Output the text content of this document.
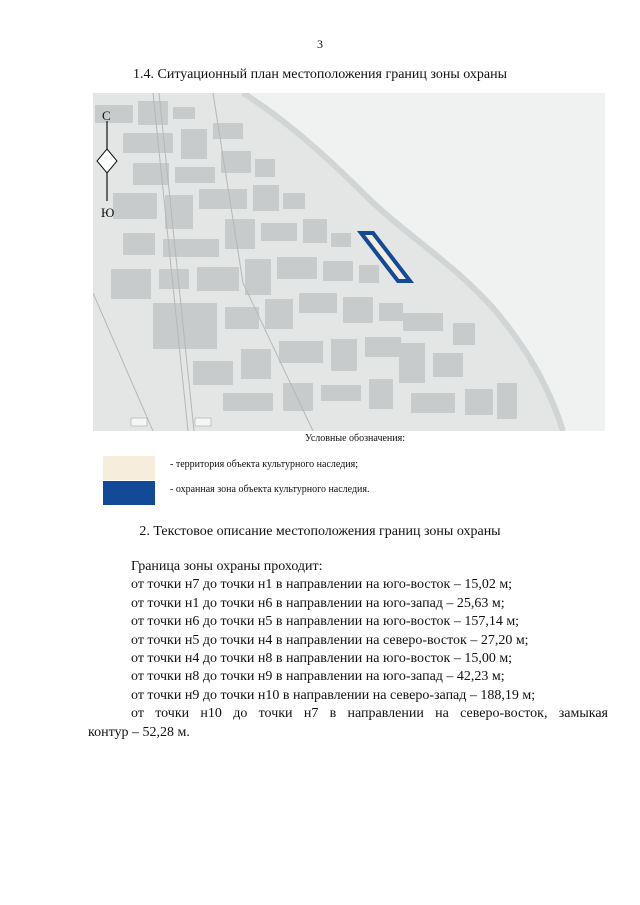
3
1.4. Ситуационный план местоположения границ зоны охраны
С
Ю
Условные обозначения:
- территория объекта культурного наследия;
- охранная зона объекта культурного наследия.
2. Текстовое описание местоположения границ зоны охраны
Граница зоны охраны проходит:
от точки н7 до точки н1 в направлении на юго-восток – 15,02 м;
от точки н1 до точки н6 в направлении на юго-запад – 25,63 м;
от точки н6 до точки н5 в направлении на юго-восток – 157,14 м;
от точки н5 до точки н4 в направлении на северо-восток – 27,20 м;
от точки н4 до точки н8 в направлении на юго-восток – 15,00 м;
от точки н8 до точки н9 в направлении на юго-запад – 42,23 м;
от точки н9 до точки н10 в направлении на северо-запад – 188,19 м;
от точки н10 до точки н7 в направлении на северо-восток, замыкая
контур – 52,28 м.
